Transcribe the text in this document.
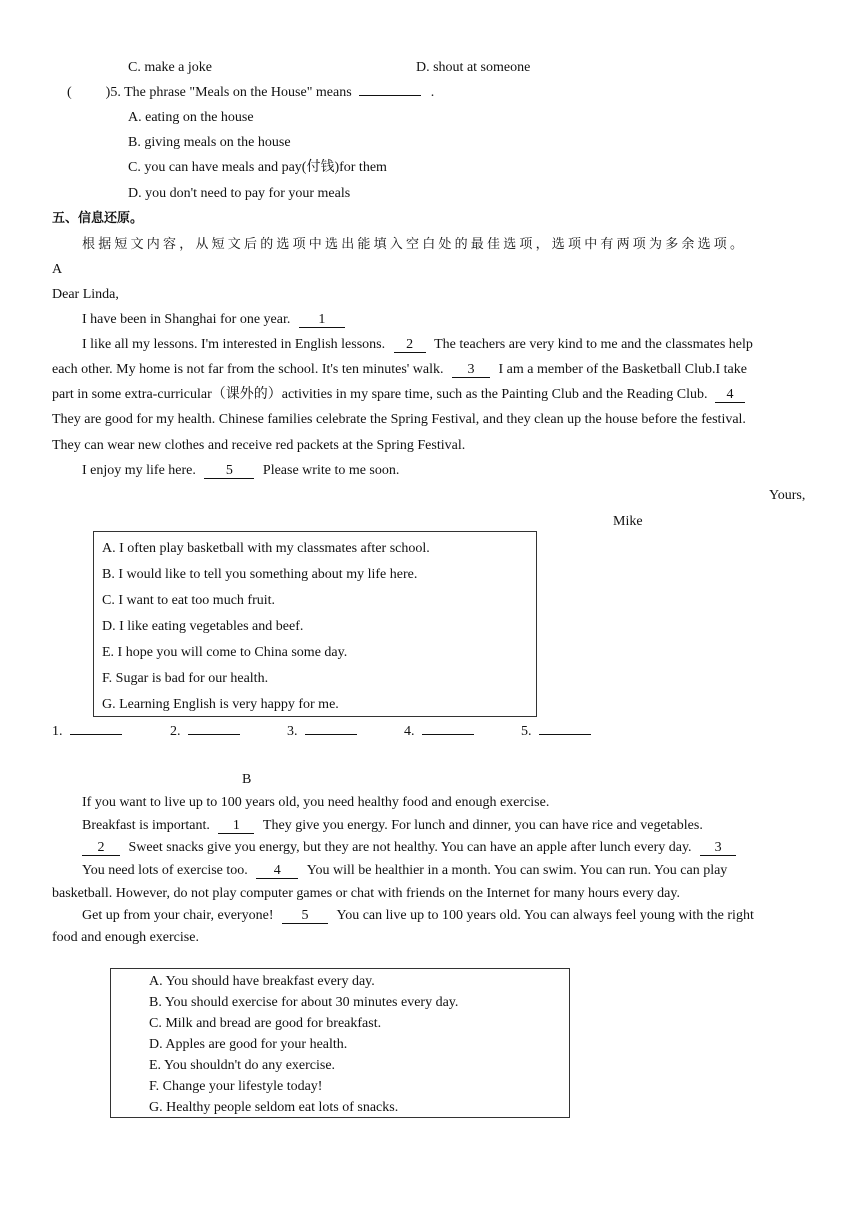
C. make a joke	D. shout at someone
( )5. The phrase "Meals on the House" means	.
A. eating on the house
B. giving meals on the house
C. you can have meals and pay(付钱)for them
D. you don't need to pay for your meals
五、信息还原。
根据短文内容，从短文后的选项中选出能填入空白处的最佳选项，选项中有两项为多余选项。
A
Dear Linda,
I have been in Shanghai for one year. 1
I like all my lessons. I'm interested in English lessons. 2 The teachers are very kind to me and the classmates help
each other. My home is not far from the school. It's ten minutes' walk. 3 I am a member of the Basketball Club.I take
part in some extra-curricular（课外的）activities in my spare time, such as the Painting Club and the Reading Club. 4
They are good for my health. Chinese families celebrate the Spring Festival, and they clean up the house before the festival.
They can wear new clothes and receive red packets at the Spring Festival.
I enjoy my life here. 5 Please write to me soon.
Yours,
Mike
A. I often play basketball with my classmates after school.
B. I would like to tell you something about my life here.
C. I want to eat too much fruit.
D. I like eating vegetables and beef.
E. I hope you will come to China some day.
F. Sugar is bad for our health.
G. Learning English is very happy for me.
1.	2.	3.	4.	5.
B
If you want to live up to 100 years old, you need healthy food and enough exercise.
Breakfast is important. 1 They give you energy. For lunch and dinner, you can have rice and vegetables.
2 Sweet snacks give you energy, but they are not healthy. You can have an apple after lunch every day. 3
You need lots of exercise too. 4 You will be healthier in a month. You can swim. You can run. You can play
basketball. However, do not play computer games or chat with friends on the Internet for many hours every day.
Get up from your chair, everyone! 5 You can live up to 100 years old. You can always feel young with the right
food and enough exercise.
A. You should have breakfast every day.
B. You should exercise for about 30 minutes every day.
C. Milk and bread are good for breakfast.
D. Apples are good for your health.
E. You shouldn't do any exercise.
F. Change your lifestyle today!
G. Healthy people seldom eat lots of snacks.
